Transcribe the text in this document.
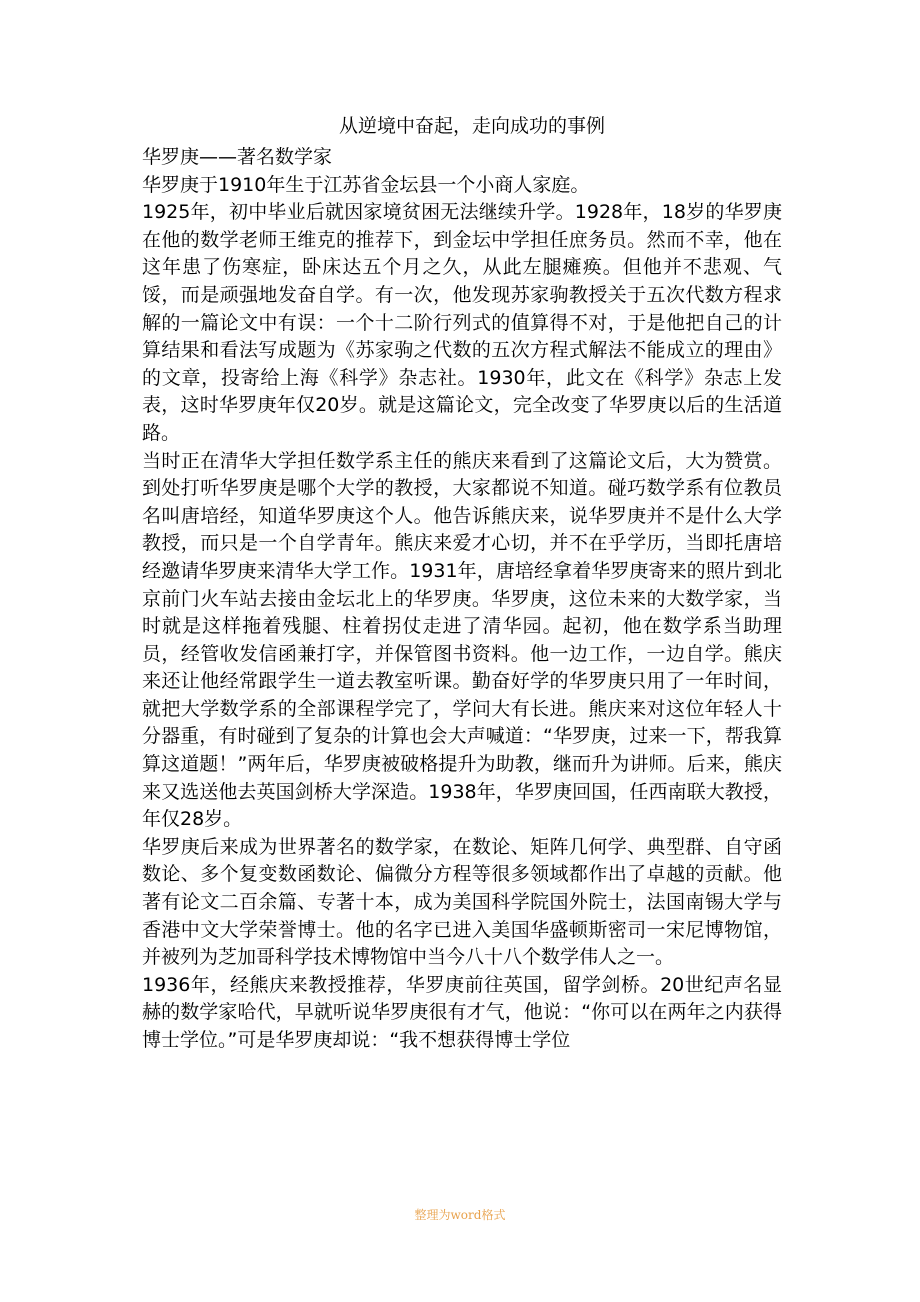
从逆境中奋起，走向成功的事例

华罗庚——著名数学家

华罗庚于1910年生于江苏省金坛县一个小商人家庭。

1925年，初中毕业后就因家境贫困无法继续升学。1928年，18岁的华罗庚在他的数学老师王维克的推荐下，到金坛中学担任庶务员。然而不幸，他在这年患了伤寒症，卧床达五个月之久，从此左腿瘫痪。但他并不悲观、气馁，而是顽强地发奋自学。有一次，他发现苏家驹教授关于五次代数方程求解的一篇论文中有误：一个十二阶行列式的值算得不对，于是他把自己的计算结果和看法写成题为《苏家驹之代数的五次方程式解法不能成立的理由》的文章，投寄给上海《科学》杂志社。1930年，此文在《科学》杂志上发表，这时华罗庚年仅20岁。就是这篇论文，完全改变了华罗庚以后的生活道路。

当时正在清华大学担任数学系主任的熊庆来看到了这篇论文后，大为赞赏。到处打听华罗庚是哪个大学的教授，大家都说不知道。碰巧数学系有位教员名叫唐培经，知道华罗庚这个人。他告诉熊庆来，说华罗庚并不是什么大学教授，而只是一个自学青年。熊庆来爱才心切，并不在乎学历，当即托唐培经邀请华罗庚来清华大学工作。1931年，唐培经拿着华罗庚寄来的照片到北京前门火车站去接由金坛北上的华罗庚。华罗庚，这位未来的大数学家，当时就是这样拖着残腿、柱着拐仗走进了清华园。起初，他在数学系当助理员，经管收发信函兼打字，并保管图书资料。他一边工作，一边自学。熊庆来还让他经常跟学生一道去教室听课。勤奋好学的华罗庚只用了一年时间，就把大学数学系的全部课程学完了，学问大有长进。熊庆来对这位年轻人十分器重，有时碰到了复杂的计算也会大声喊道：“华罗庚，过来一下，帮我算算这道题！”两年后，华罗庚被破格提升为助教，继而升为讲师。后来，熊庆来又选送他去英国剑桥大学深造。1938年，华罗庚回国，任西南联大教授，年仅28岁。

华罗庚后来成为世界著名的数学家，在数论、矩阵几何学、典型群、自守函数论、多个复变数函数论、偏微分方程等很多领域都作出了卓越的贡献。他著有论文二百余篇、专著十本，成为美国科学院国外院士，法国南锡大学与香港中文大学荣誉博士。他的名字已进入美国华盛顿斯密司一宋尼博物馆，并被列为芝加哥科学技术博物馆中当今八十八个数学伟人之一。

1936年，经熊庆来教授推荐，华罗庚前往英国，留学剑桥。20世纪声名显赫的数学家哈代，早就听说华罗庚很有才气，他说：“你可以在两年之内获得博士学位。”可是华罗庚却说：“我不想获得博士学位

整理为word格式
